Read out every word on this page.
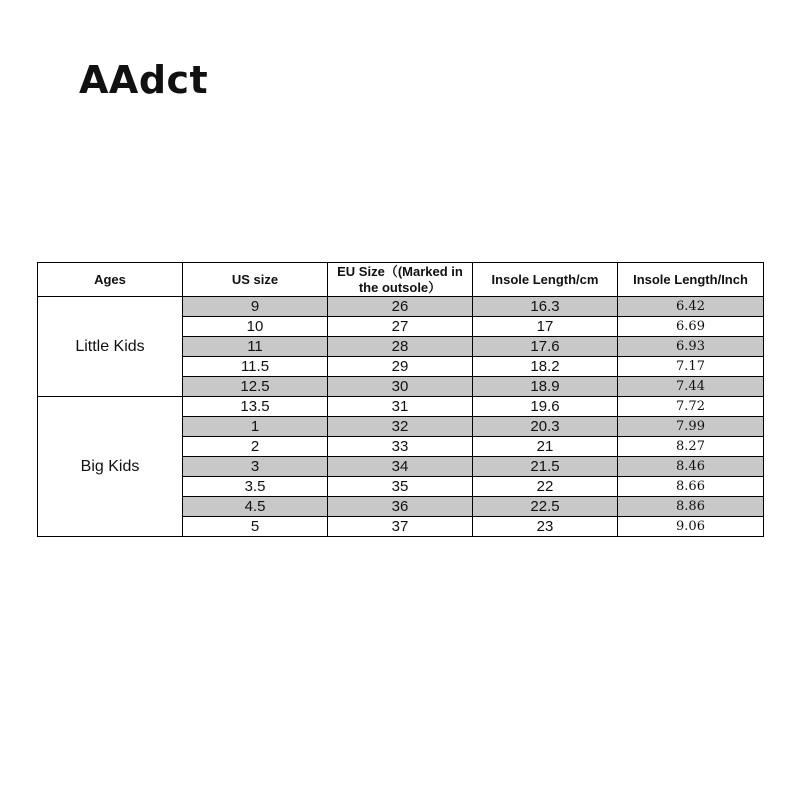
AAdct
Ages	US size	EU Size（(Marked in the outsole）	Insole Length/cm	Insole Length/Inch
Little Kids	9	26	16.3	6.42
	10	27	17	6.69
	11	28	17.6	6.93
	11.5	29	18.2	7.17
	12.5	30	18.9	7.44
Big Kids	13.5	31	19.6	7.72
	1	32	20.3	7.99
	2	33	21	8.27
	3	34	21.5	8.46
	3.5	35	22	8.66
	4.5	36	22.5	8.86
	5	37	23	9.06
